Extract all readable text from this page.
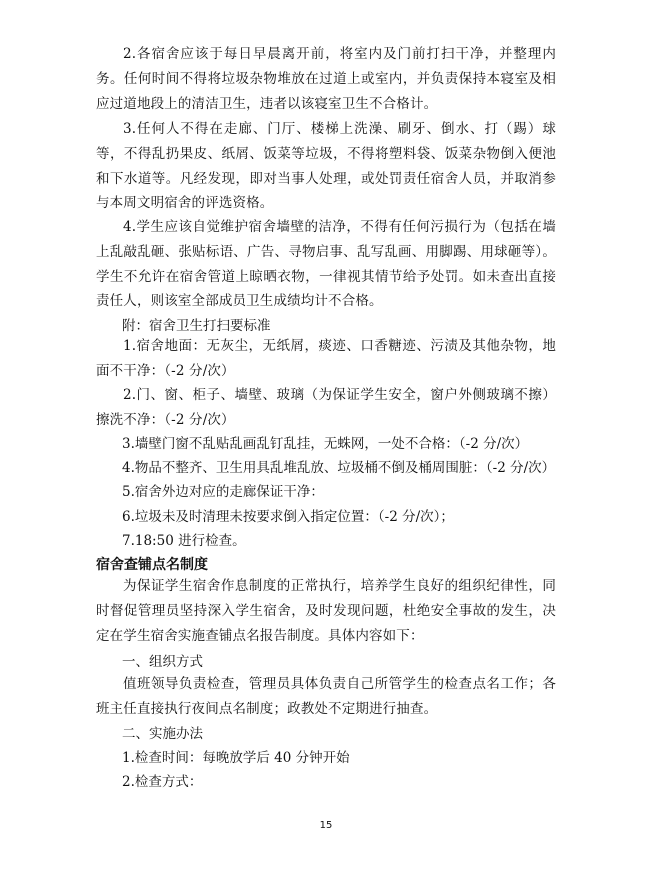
2.各宿舍应该于每日早晨离开前，将室内及门前打扫干净，并整理内务。任何时间不得将垃圾杂物堆放在过道上或室内，并负责保持本寝室及相应过道地段上的清洁卫生，违者以该寝室卫生不合格计。

3.任何人不得在走廊、门厅、楼梯上洗澡、刷牙、倒水、打（踢）球等，不得乱扔果皮、纸屑、饭菜等垃圾，不得将塑料袋、饭菜杂物倒入便池和下水道等。凡经发现，即对当事人处理，或处罚责任宿舍人员，并取消参与本周文明宿舍的评选资格。

4.学生应该自觉维护宿舍墙壁的洁净，不得有任何污损行为（包括在墙上乱敲乱砸、张贴标语、广告、寻物启事、乱写乱画、用脚踢、用球砸等）。学生不允许在宿舍管道上晾晒衣物，一律视其情节给予处罚。如未查出直接责任人，则该室全部成员卫生成绩均计不合格。

附：宿舍卫生打扫要标准

1.宿舍地面：无灰尘，无纸屑，痰迹、口香糖迹、污渍及其他杂物，地面不干净：（-2 分/次）

2.门、窗、柜子、墙壁、玻璃（为保证学生安全，窗户外侧玻璃不擦）擦洗不净：（-2 分/次）

3.墙壁门窗不乱贴乱画乱钉乱挂，无蛛网，一处不合格：（-2 分/次）

4.物品不整齐、卫生用具乱堆乱放、垃圾桶不倒及桶周围脏：（-2 分/次）

5.宿舍外边对应的走廊保证干净：

6.垃圾未及时清理未按要求倒入指定位置：（-2 分/次）；

7.18:50 进行检查。

宿舍查铺点名制度

为保证学生宿舍作息制度的正常执行，培养学生良好的组织纪律性，同时督促管理员坚持深入学生宿舍，及时发现问题，杜绝安全事故的发生，决定在学生宿舍实施查铺点名报告制度。具体内容如下：

一、组织方式

值班领导负责检查，管理员具体负责自己所管学生的检查点名工作；各班主任直接执行夜间点名制度；政教处不定期进行抽查。

二、实施办法

1.检查时间：每晚放学后 40 分钟开始

2.检查方式：

15
